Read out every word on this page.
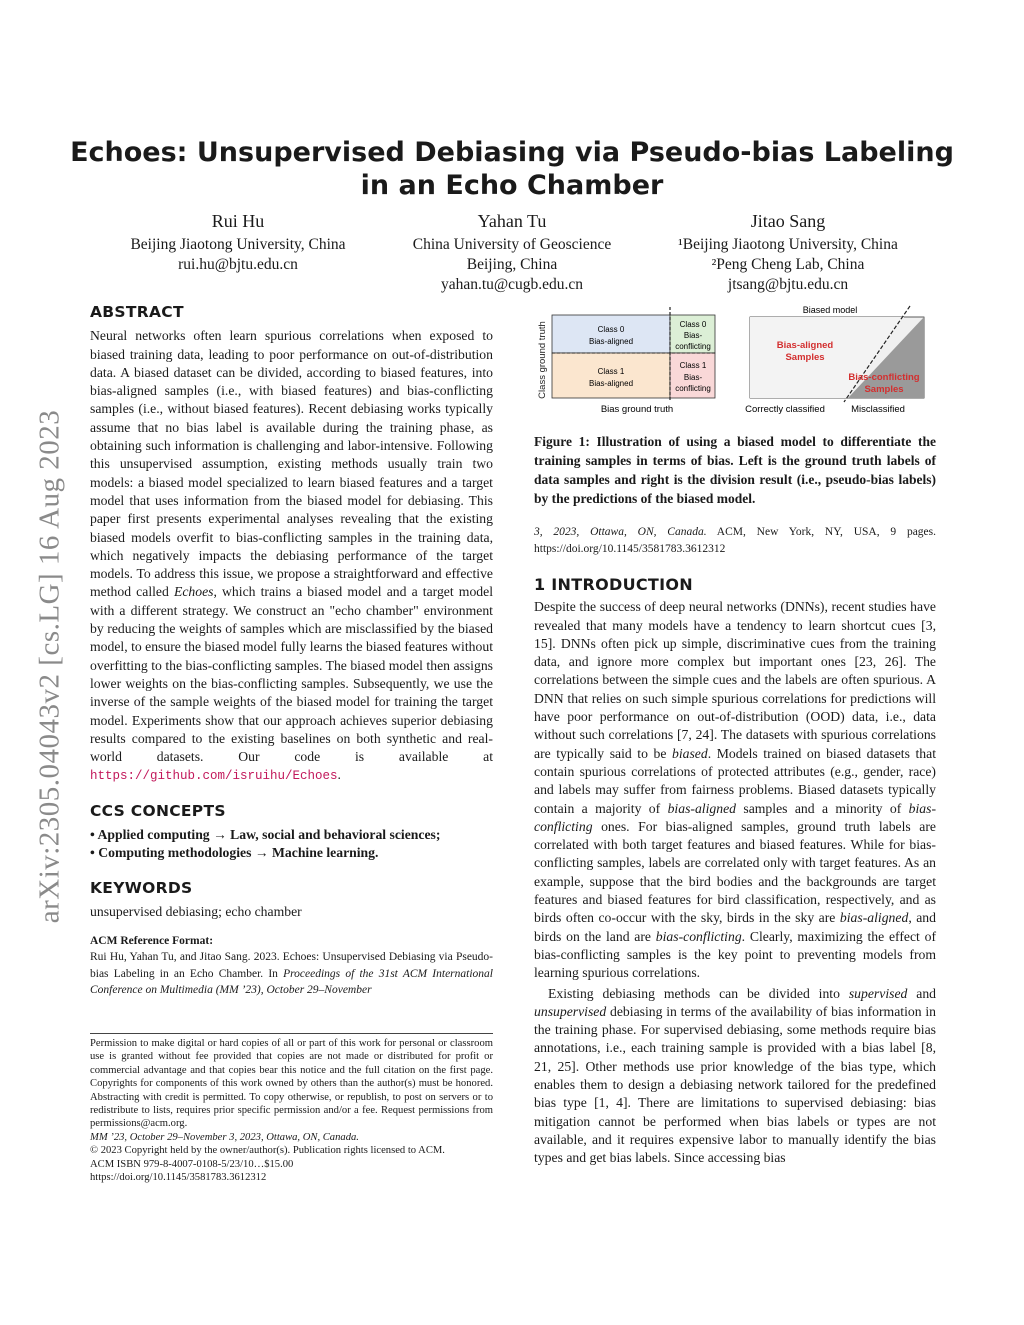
arXiv:2305.04043v2 [cs.LG] 16 Aug 2023
Echoes: Unsupervised Debiasing via Pseudo-bias Labeling in an Echo Chamber
Rui Hu
Beijing Jiaotong University, China
rui.hu@bjtu.edu.cn
Yahan Tu
China University of Geoscience
Beijing, China
yahan.tu@cugb.edu.cn
Jitao Sang
¹Beijing Jiaotong University, China
²Peng Cheng Lab, China
jtsang@bjtu.edu.cn
ABSTRACT

Neural networks often learn spurious correlations when exposed to biased training data, leading to poor performance on out-of-distribution data. A biased dataset can be divided, according to biased features, into bias-aligned samples (i.e., with biased features) and bias-conflicting samples (i.e., without biased features). Recent debiasing works typically assume that no bias label is available during the training phase, as obtaining such information is challenging and labor-intensive. Following this unsupervised assumption, existing methods usually train two models: a biased model specialized to learn biased features and a target model that uses information from the biased model for debiasing. This paper first presents experimental analyses revealing that the existing biased models overfit to bias-conflicting samples in the training data, which negatively impacts the debiasing performance of the target models. To address this issue, we propose a straightforward and effective method called Echoes, which trains a biased model and a target model with a different strategy. We construct an "echo chamber" environment by reducing the weights of samples which are misclassified by the biased model, to ensure the biased model fully learns the biased features without overfitting to the bias-conflicting samples. The biased model then assigns lower weights on the bias-conflicting samples. Subsequently, we use the inverse of the sample weights of the biased model for training the target model. Experiments show that our approach achieves superior debiasing results compared to the existing baselines on both synthetic and real-world datasets. Our code is available at https://github.com/isruihu/Echoes.

CCS CONCEPTS
• Applied computing → Law, social and behavioral sciences;
• Computing methodologies → Machine learning.
KEYWORDS
unsupervised debiasing; echo chamber
ACM Reference Format:

Rui Hu, Yahan Tu, and Jitao Sang. 2023. Echoes: Unsupervised Debiasing via Pseudo-bias Labeling in an Echo Chamber. In Proceedings of the 31st ACM International Conference on Multimedia (MM ’23), October 29–November

Permission to make digital or hard copies of all or part of this work for personal or classroom use is granted without fee provided that copies are not made or distributed for profit or commercial advantage and that copies bear this notice and the full citation on the first page. Copyrights for components of this work owned by others than the author(s) must be honored. Abstracting with credit is permitted. To copy otherwise, or republish, to post on servers or to redistribute to lists, requires prior specific permission and/or a fee. Request permissions from permissions@acm.org.

MM ’23, October 29–November 3, 2023, Ottawa, ON, Canada.

© 2023 Copyright held by the owner/author(s). Publication rights licensed to ACM.

ACM ISBN 979-8-4007-0108-5/23/10…$15.00

https://doi.org/10.1145/3581783.3612312

Class ground truth	Class 0
Bias-aligned
Class 1
Bias-aligned
Class 0
Bias-
conflicting
Class 1
Bias-
conflicting
Bias ground truth
Biased model
Bias-aligned
Samples
Bias-conflicting
Samples
Correctly classified	Misclassified
Figure 1: Illustration of using a biased model to differentiate the training samples in terms of bias. Left is the ground truth labels of data samples and right is the division result (i.e., pseudo-bias labels) by the predictions of the biased model.
3, 2023, Ottawa, ON, Canada. ACM, New York, NY, USA, 9 pages. https://doi.org/10.1145/3581783.3612312
1 INTRODUCTION

Despite the success of deep neural networks (DNNs), recent studies have revealed that many models have a tendency to learn shortcut cues [3, 15]. DNNs often pick up simple, discriminative cues from the training data, and ignore more complex but important ones [23, 26]. The correlations between the simple cues and the labels are often spurious. A DNN that relies on such simple spurious correlations for predictions will have poor performance on out-of-distribution (OOD) data, i.e., data without such correlations [7, 24]. The datasets with spurious correlations are typically said to be biased. Models trained on biased datasets that contain spurious correlations of protected attributes (e.g., gender, race) and labels may suffer from fairness problems. Biased datasets typically contain a majority of bias-aligned samples and a minority of bias-conflicting ones. For bias-aligned samples, ground truth labels are correlated with both target features and biased features. While for bias-conflicting samples, labels are correlated only with target features. As an example, suppose that the bird bodies and the backgrounds are target features and biased features for bird classification, respectively, and as birds often co-occur with the sky, birds in the sky are bias-aligned, and birds on the land are bias-conflicting. Clearly, maximizing the effect of bias-conflicting samples is the key point to preventing models from learning spurious correlations.

Existing debiasing methods can be divided into supervised and unsupervised debiasing in terms of the availability of bias information in the training phase. For supervised debiasing, some methods require bias annotations, i.e., each training sample is provided with a bias label [8, 21, 25]. Other methods use prior knowledge of the bias type, which enables them to design a debiasing network tailored for the predefined bias type [1, 4]. There are limitations to supervised debiasing: bias mitigation cannot be performed when bias labels or types are not available, and it requires expensive labor to manually identify the bias types and get bias labels. Since accessing bias
